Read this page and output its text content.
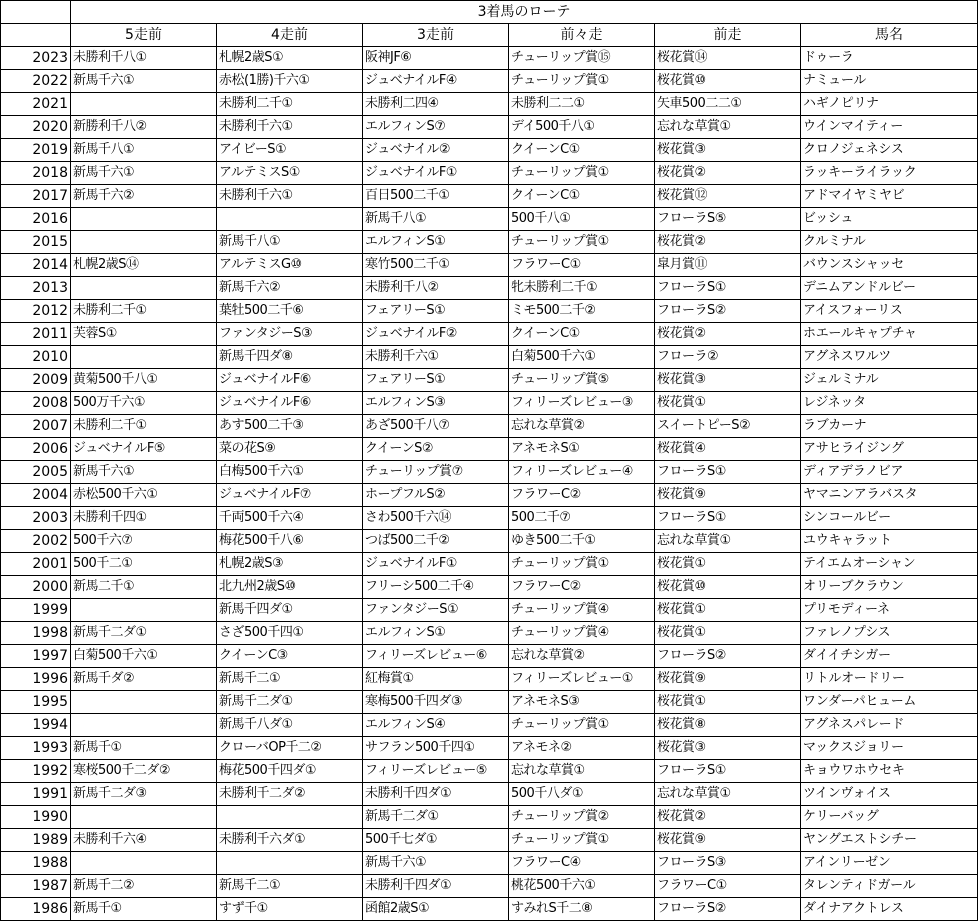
	3着馬のローテ					
	5走前	4走前	3走前	前々走	前走	馬名
2023	未勝利千八①	札幌2歳S①	阪神JF⑥	チューリップ賞⑮	桜花賞⑭	ドゥーラ
2022	新馬千六①	赤松(1勝)千六①	ジュベナイルF④	チューリップ賞①	桜花賞⑩	ナミュール
2021		未勝利二千①	未勝利二四④	未勝利二二①	矢車500二二①	ハギノピリナ
2020	新勝利千八②	未勝利千六①	エルフィンS⑦	デイ500千八①	忘れな草賞①	ウインマイティー
2019	新馬千八①	アイビーS①	ジュベナイル②	クイーンC①	桜花賞③	クロノジェネシス
2018	新馬千六①	アルテミスS①	ジュベナイルF①	チューリップ賞①	桜花賞②	ラッキーライラック
2017	新馬千六②	未勝利千六①	百日500二千①	クイーンC①	桜花賞⑫	アドマイヤミヤビ
2016			新馬千八①	500千八①	フローラS⑤	ビッシュ
2015		新馬千八①	エルフィンS①	チューリップ賞①	桜花賞②	クルミナル
2014	札幌2歳S⑭	アルテミスG⑩	寒竹500二千①	フラワーC①	皐月賞⑪	バウンスシャッセ
2013		新馬千六②	未勝利千八②	牝未勝利二千①	フローラS①	デニムアンドルビー
2012	未勝利二千①	葉牡500二千⑥	フェアリーS①	ミモ500二千②	フローラS②	アイスフォーリス
2011	芙蓉S①	ファンタジーS③	ジュベナイルF②	クイーンC①	桜花賞②	ホエールキャプチャ
2010		新馬千四ダ⑧	未勝利千六①	白菊500千六①	フローラ②	アグネスワルツ
2009	黄菊500千八①	ジュベナイルF⑥	フェアリーS①	チューリップ賞⑤	桜花賞③	ジェルミナル
2008	500万千六①	ジュベナイルF⑥	エルフィンS③	フィリーズレビュー③	桜花賞①	レジネッタ
2007	未勝利二千①	あす500二千③	あざ500千八⑦	忘れな草賞②	スイートピーS②	ラブカーナ
2006	ジュベナイルF⑤	菜の花S⑨	クイーンS②	アネモネS①	桜花賞④	アサヒライジング
2005	新馬千六①	白梅500千六①	チューリップ賞⑦	フィリーズレビュー④	フローラS①	ディアデラノビア
2004	赤松500千六①	ジュベナイルF⑦	ホープフルS②	フラワーC②	桜花賞⑨	ヤマニンアラバスタ
2003	未勝利千四①	千両500千六④	さわ500千六⑭	500二千⑦	フローラS①	シンコールビー
2002	500千六⑦	梅花500千八⑥	つば500二千②	ゆき500二千①	忘れな草賞①	ユウキャラット
2001	500千二①	札幌2歳S③	ジュベナイルF①	チューリップ賞①	桜花賞①	テイエムオーシャン
2000	新馬二千①	北九州2歳S⑩	フリーシ500二千④	フラワーC②	桜花賞⑩	オリーブクラウン
1999		新馬千四ダ①	ファンタジーS①	チューリップ賞④	桜花賞①	プリモディーネ
1998	新馬千二ダ①	さざ500千四①	エルフィンS①	チューリップ賞④	桜花賞①	ファレノプシス
1997	白菊500千六①	クイーンC③	フィリーズレビュー⑥	忘れな草賞②	フローラS②	ダイイチシガー
1996	新馬千ダ②	新馬千二①	紅梅賞①	フィリーズレビュー①	桜花賞⑨	リトルオードリー
1995		新馬千二ダ①	寒梅500千四ダ③	アネモネS③	桜花賞①	ワンダーパヒューム
1994		新馬千八ダ①	エルフィンS④	チューリップ賞①	桜花賞⑧	アグネスパレード
1993	新馬千①	クローバOP千二②	サフラン500千四①	アネモネ②	桜花賞③	マックスジョリー
1992	寒桜500千二ダ②	梅花500千四ダ①	フィリーズレビュー⑤	忘れな草賞①	フローラS①	キョウワホウセキ
1991	新馬千二ダ③	未勝利千二ダ②	未勝利千四ダ①	500千八ダ①	忘れな草賞①	ツインヴォイス
1990			新馬千二ダ①	チューリップ賞②	桜花賞②	ケリーバッグ
1989	未勝利千六④	未勝利千六ダ①	500千七ダ①	チューリップ賞①	桜花賞⑨	ヤングエストシチー
1988			新馬千六①	フラワーC④	フローラS③	アインリーゼン
1987	新馬千二②	新馬千二①	未勝利千四ダ①	桃花500千六①	フラワーC①	タレンティドガール
1986	新馬千①	すず千①	函館2歳S①	すみれS千二⑧	フローラS②	ダイナアクトレス
